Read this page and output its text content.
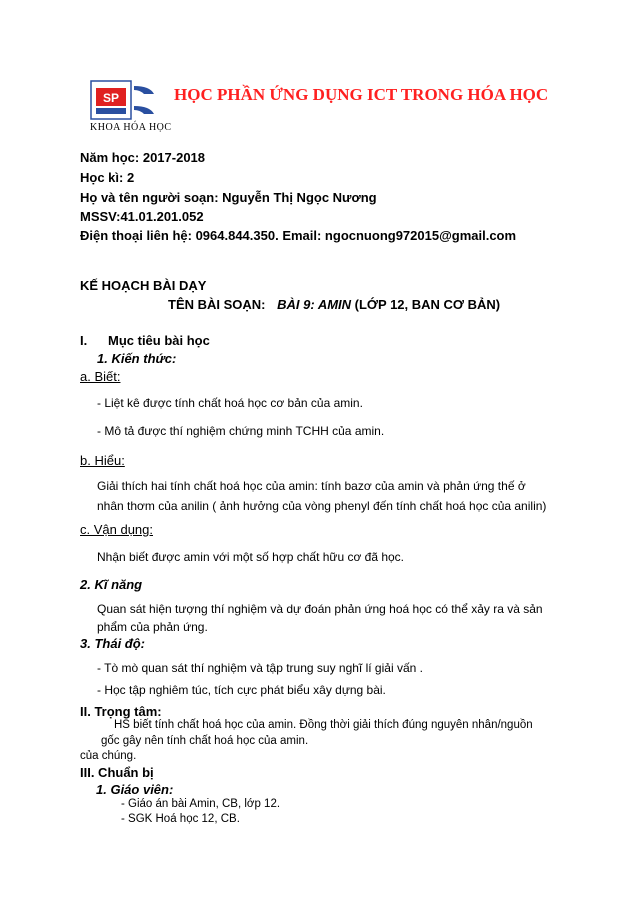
SP	HỌC PHẦN ỨNG DỤNG ICT TRONG HÓA HỌC
KHOA HÓA HỌC
Năm học: 2017-2018
Học kì: 2
Họ và tên người soạn: Nguyễn Thị Ngọc Nương
MSSV:41.01.201.052
Điện thoại liên hệ: 0964.844.350. Email: ngocnuong972015@gmail.com
KẾ HOẠCH BÀI DẠY
TÊN BÀI SOẠN: BÀI 9: AMIN (LỚP 12, BAN CƠ BẢN)
I. Mục tiêu bài học
1. Kiến thức:
a. Biết:
- Liệt kê được tính chất hoá học cơ bản của amin.
- Mô tả được thí nghiệm chứng minh TCHH của amin.
b. Hiểu:
Giải thích hai tính chất hoá học của amin: tính bazơ của amin và phản ứng thế ở
nhân thơm của anilin ( ảnh hưởng của vòng phenyl đến tính chất hoá học của anilin)
c. Vận dụng:
Nhận biết được amin với một số hợp chất hữu cơ đã học.
2. Kĩ năng
Quan sát hiện tượng thí nghiệm và dự đoán phản ứng hoá học có thể xảy ra và sản
phẩm của phản ứng.
3. Thái độ:
- Tò mò quan sát thí nghiệm và tập trung suy nghĩ lí giải vấn .
- Học tập nghiêm túc, tích cực phát biểu xây dựng bài.
II. Trọng tâm:
HS biết tính chất hoá học của amin. Đồng thời giải thích đúng nguyên nhân/nguồn
gốc gây nên tính chất hoá học của amin.
của chúng.
III. Chuẩn bị
1. Giáo viên:
- Giáo án bài Amin, CB, lớp 12.
- SGK Hoá học 12, CB.
